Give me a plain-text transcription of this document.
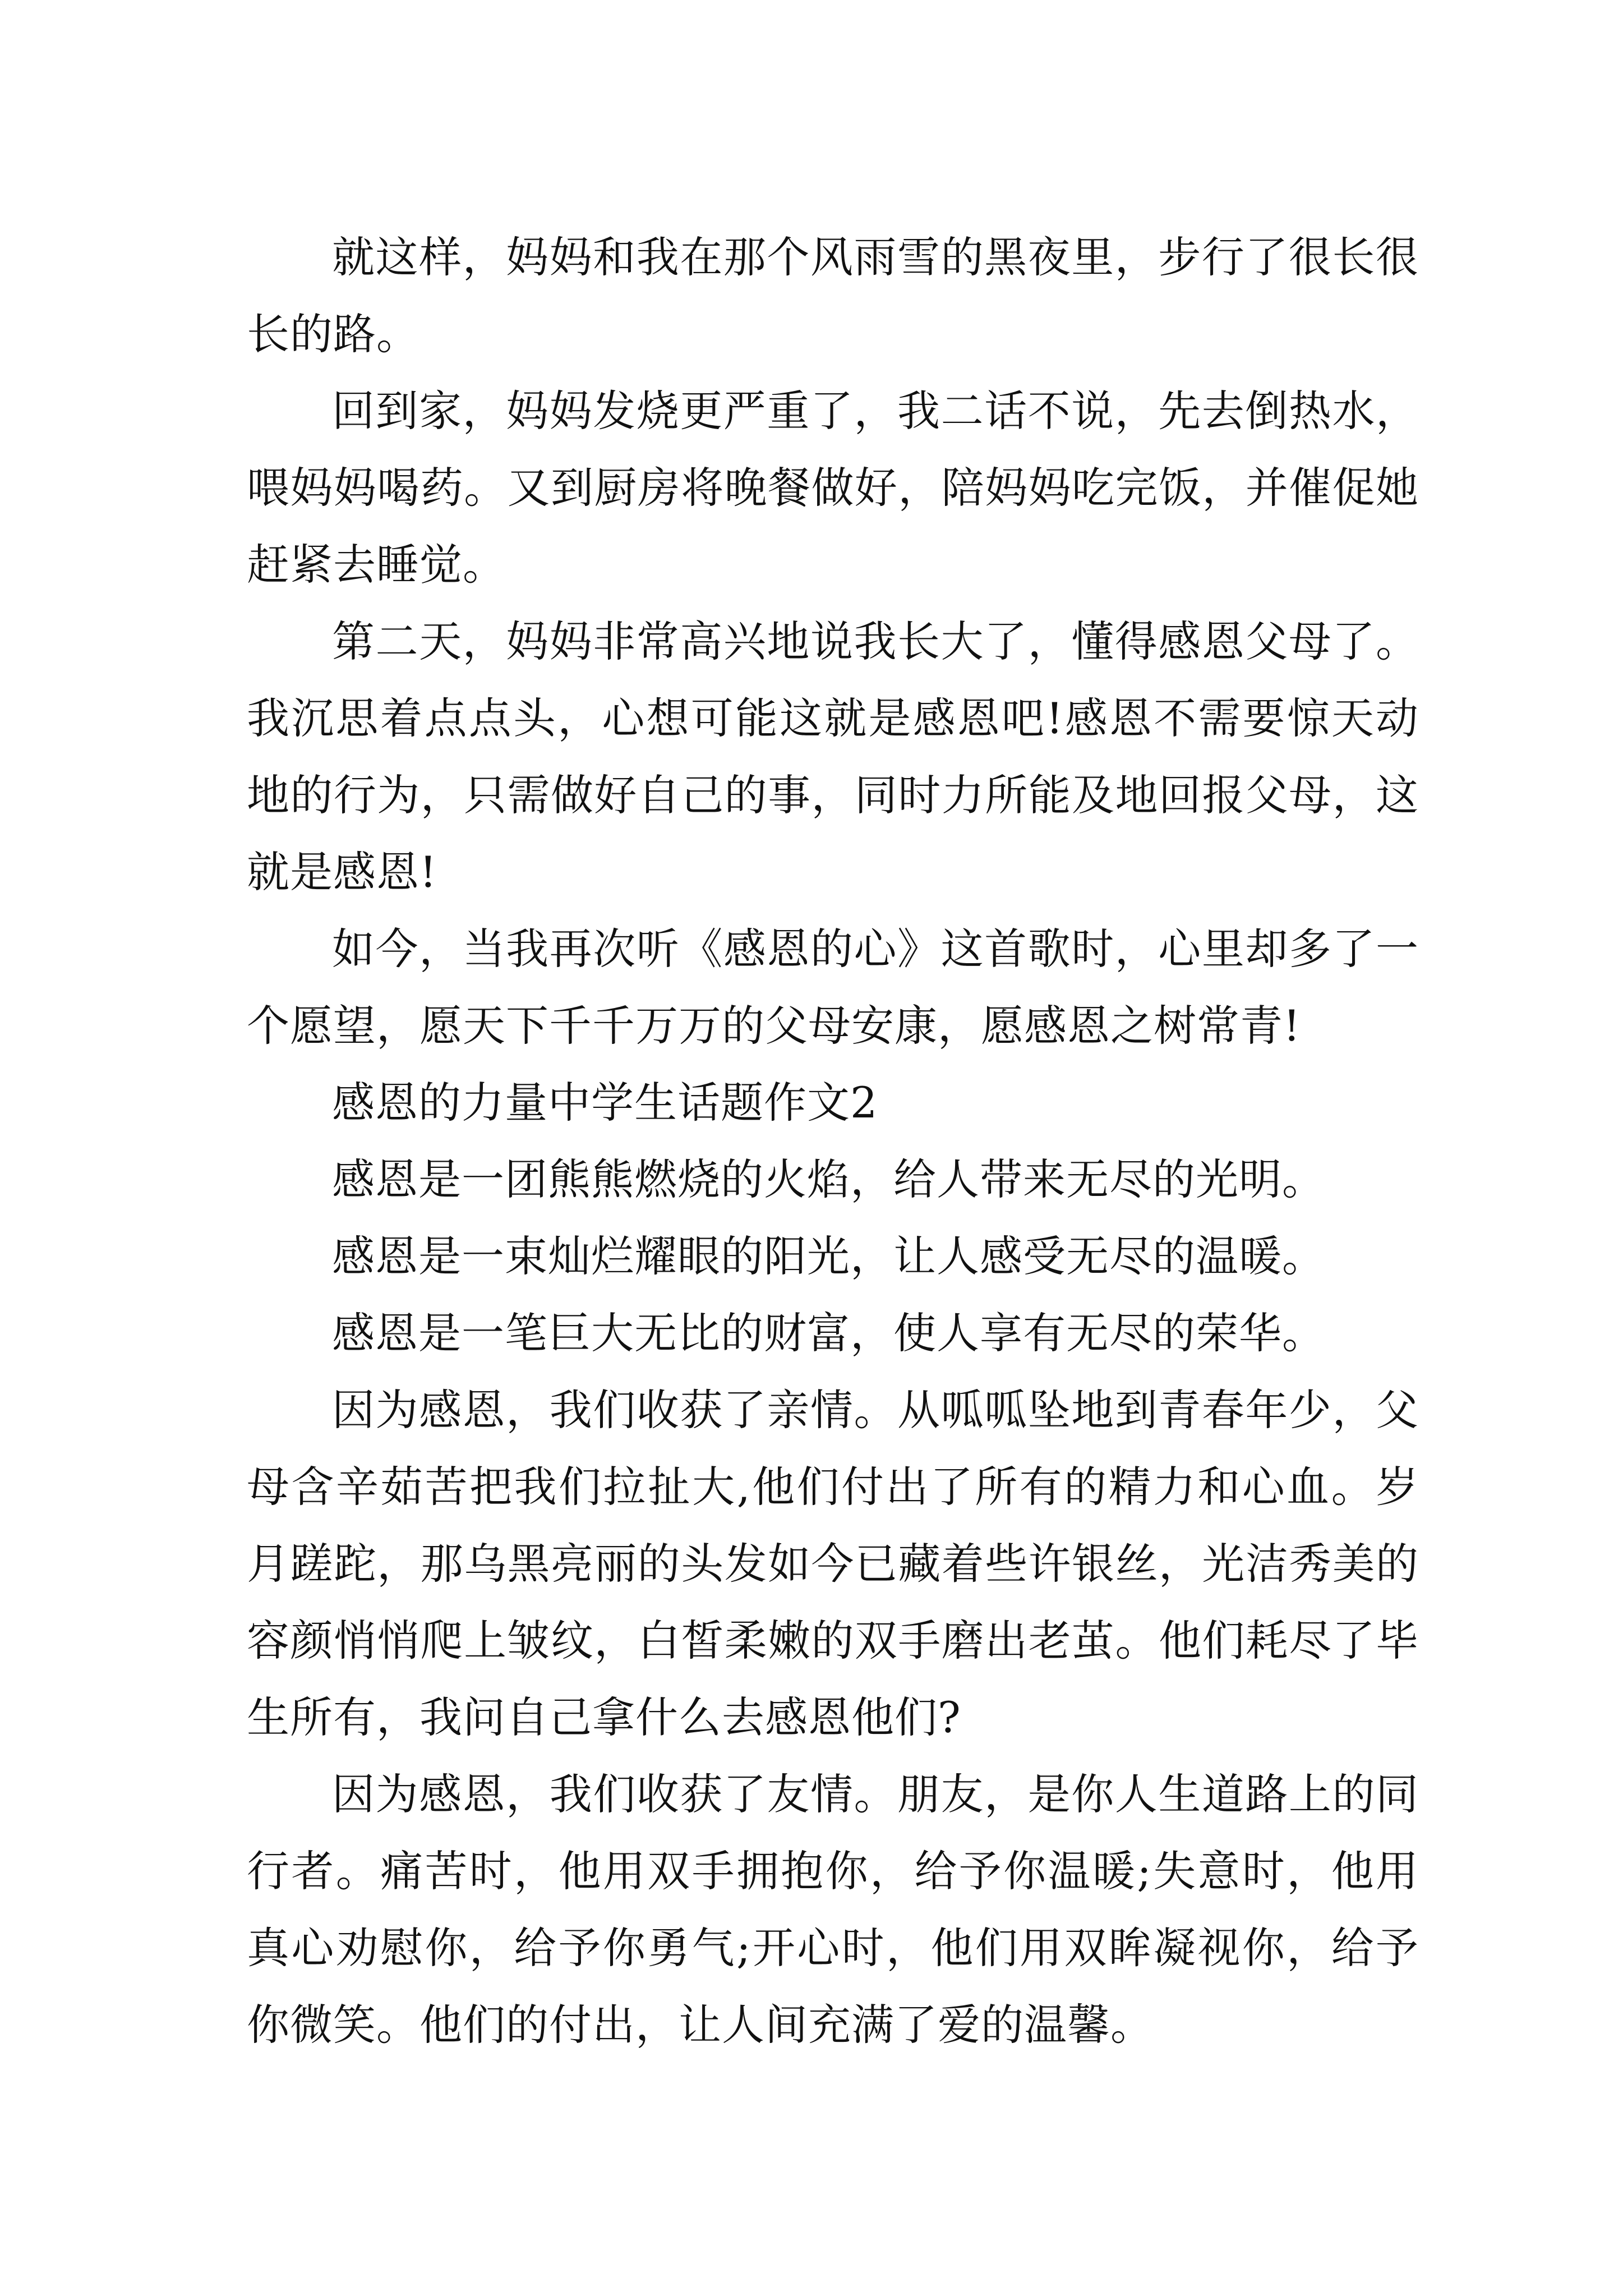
就这样，妈妈和我在那个风雨雪的黑夜里，步行了很长很长的路。

回到家，妈妈发烧更严重了，我二话不说，先去倒热水，喂妈妈喝药。又到厨房将晚餐做好，陪妈妈吃完饭，并催促她赶紧去睡觉。

第二天，妈妈非常高兴地说我长大了，懂得感恩父母了。我沉思着点点头，心想可能这就是感恩吧!感恩不需要惊天动地的行为，只需做好自己的事，同时力所能及地回报父母，这就是感恩!

如今，当我再次听《感恩的心》这首歌时，心里却多了一个愿望，愿天下千千万万的父母安康，愿感恩之树常青!

感恩的力量中学生话题作文2

感恩是一团熊熊燃烧的火焰，给人带来无尽的光明。

感恩是一束灿烂耀眼的阳光，让人感受无尽的温暖。

感恩是一笔巨大无比的财富，使人享有无尽的荣华。

因为感恩，我们收获了亲情。从呱呱坠地到青春年少，父母含辛茹苦把我们拉扯大,他们付出了所有的精力和心血。岁月蹉跎，那乌黑亮丽的头发如今已藏着些许银丝，光洁秀美的容颜悄悄爬上皱纹，白皙柔嫩的双手磨出老茧。他们耗尽了毕生所有，我问自己拿什么去感恩他们?

因为感恩，我们收获了友情。朋友，是你人生道路上的同行者。痛苦时，他用双手拥抱你，给予你温暖;失意时，他用真心劝慰你，给予你勇气;开心时，他们用双眸凝视你，给予你微笑。他们的付出，让人间充满了爱的温馨。
